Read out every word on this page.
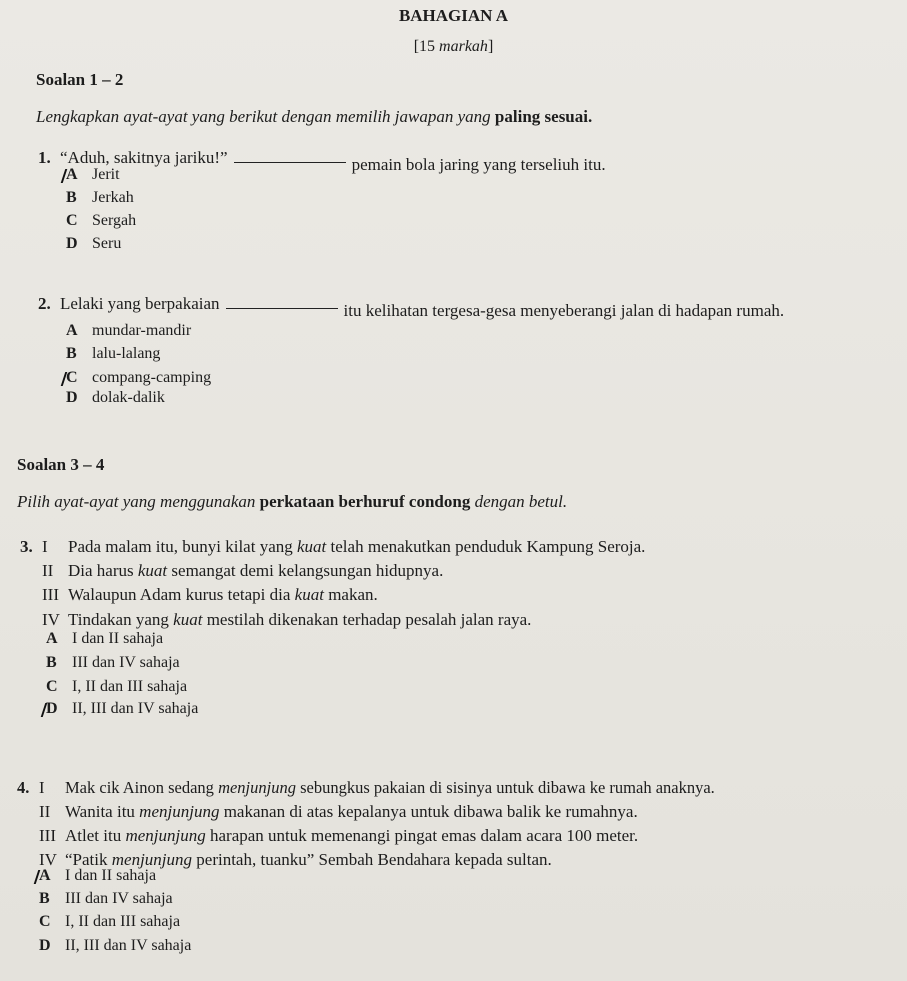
BAHAGIAN A
[15 markah]
Soalan 1 – 2
Lengkapkan ayat-ayat yang berikut dengan memilih jawapan yang paling sesuai.
1. “Aduh, sakitnya jariku!”	pemain bola jaring yang terseliuh itu.
A Jerit
B Jerkah
C Sergah
D Seru
2. Lelaki yang berpakaian	itu kelihatan tergesa-gesa menyeberangi jalan di hadapan rumah.
A mundar-mandir
B lalu-lalang
C compang-camping
D dolak-dalik
Soalan 3 – 4
Pilih ayat-ayat yang menggunakan perkataan berhuruf condong dengan betul.
3. I Pada malam itu, bunyi kilat yang kuat telah menakutkan penduduk Kampung Seroja.
II Dia harus kuat semangat demi kelangsungan hidupnya.
III Walaupun Adam kurus tetapi dia kuat makan.
IV Tindakan yang kuat mestilah dikenakan terhadap pesalah jalan raya.
A I dan II sahaja
B III dan IV sahaja
C I, II dan III sahaja
D II, III dan IV sahaja
4. I Mak cik Ainon sedang menjunjung sebungkus pakaian di sisinya untuk dibawa ke rumah anaknya.
II Wanita itu menjunjung makanan di atas kepalanya untuk dibawa balik ke rumahnya.
III Atlet itu menjunjung harapan untuk memenangi pingat emas dalam acara 100 meter.
IV “Patik menjunjung perintah, tuanku” Sembah Bendahara kepada sultan.
A I dan II sahaja
B III dan IV sahaja
C I, II dan III sahaja
D II, III dan IV sahaja
